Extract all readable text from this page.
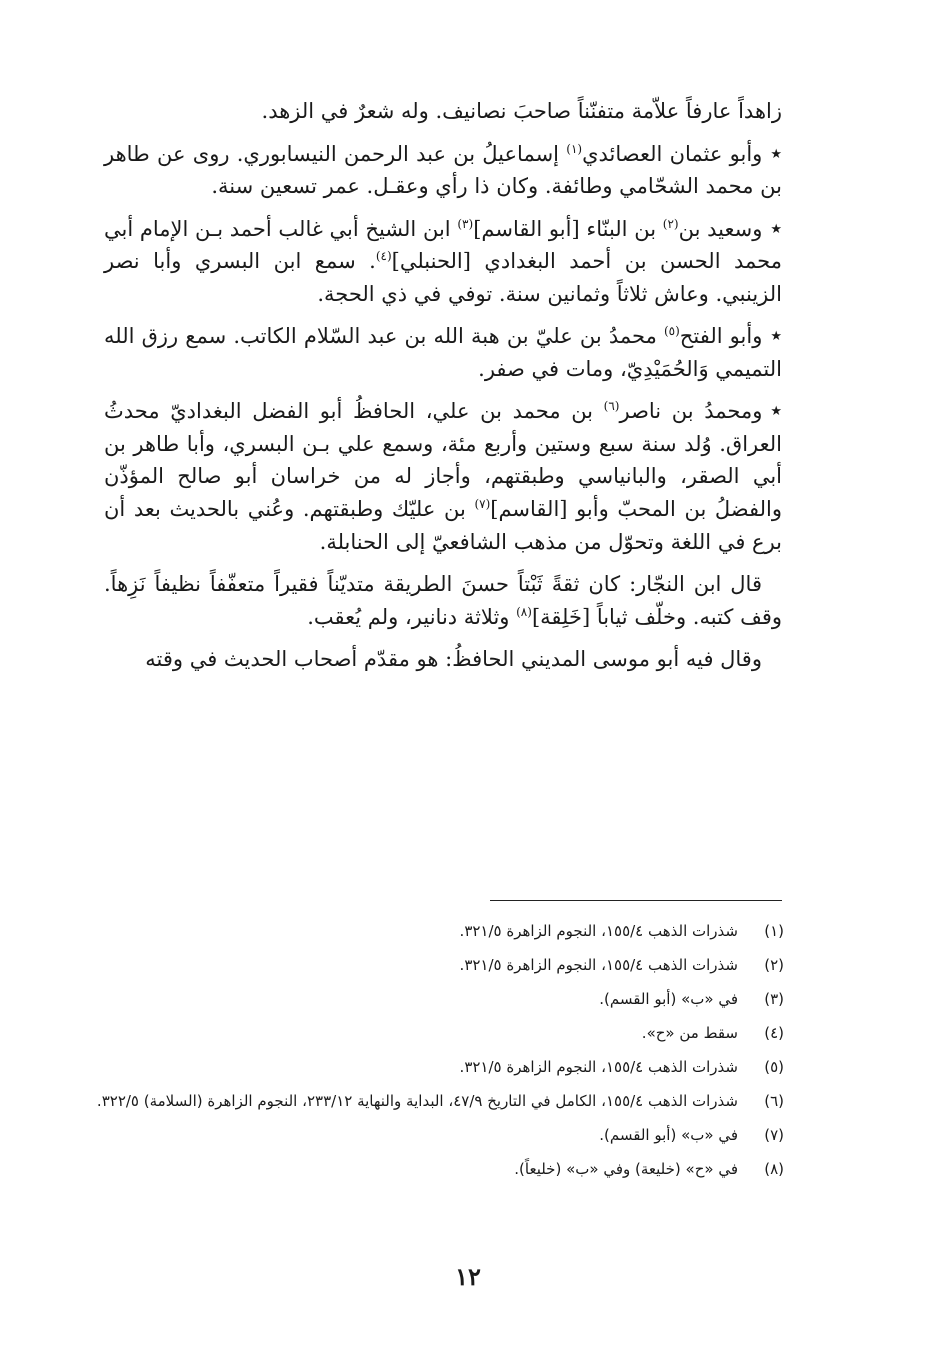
زاهداً عارفاً علاّمة متفنّناً صاحبَ نصانيف. وله شعرٌ في الزهد.

★وأبو عثمان العصائدي$^{(١)}$ إسماعيلُ بن عبد الرحمن النيسابوري. روى عن طاهر بن محمد الشحّامي وطائفة. وكان ذا رأي وعقـل. عمر تسعين سنة.

★وسعيد بن$^{(٢)}$ بن البنّاء [أبو القاسم]$^{(٣)}$ ابن الشيخ أبي غالب أحمد بـن الإمام أبي محمد الحسن بن أحمد البغدادي [الحنبلي]$^{(٤)}$. سمع ابن البسري وأبا نصر الزينبي. وعاش ثلاثاً وثمانين سنة. توفي في ذي الحجة.

★وأبو الفتح$^{(٥)}$ محمدُ بن عليّ بن هبة الله بن عبد السّلام الكاتب. سمع رزق الله التميمي وَالحُمَيْدِيّ، ومات في صفر.

★ومحمدُ بن ناصر$^{(٦)}$ بن محمد بن علي، الحافظُ أبو الفضل البغداديّ محدثُ العراق. وُلد سنة سبع وستين وأربع مئة، وسمع علي بـن البسري، وأبا طاهر بن أبي الصقر، والبانياسي وطبقتهم، وأجاز له من خراسان أبو صالح المؤذّن والفضلُ بن المحبّ وأبو [القاسم]$^{(٧)}$ بن عليّك وطبقتهم. وعُني بالحديث بعد أن برع في اللغة وتحوّل من مذهب الشافعيّ إلى الحنابلة.

قال ابن النجّار: كان ثقةً ثَبْتاً حسنَ الطريقة متديّناً فقيراً متعفّفاً نظيفاً نَزِهاً. وقف كتبه. وخلّف ثياباً [خَلِقة]$^{(٨)}$ وثلاثة دنانير، ولم يُعقب.

وقال فيه أبو موسى المديني الحافظُ: هو مقدّم أصحاب الحديث في وقته

(١)
شذرات الذهب ١٥٥/٤، النجوم الزاهرة ٣٢١/٥.
(٢)
شذرات الذهب ١٥٥/٤، النجوم الزاهرة ٣٢١/٥.
(٣)
في «ب» (أبو القسم).
(٤)
سقط من «ح».
(٥)
شذرات الذهب ١٥٥/٤، النجوم الزاهرة ٣٢١/٥.
(٦)
شذرات الذهب ١٥٥/٤، الكامل في التاريخ ٤٧/٩، البداية والنهاية ٢٣٣/١٢، النجوم الزاهرة (السلامة) ٣٢٢/٥.
(٧)
في «ب» (أبو القسم).
(٨)
في «ح» (خليعة) وفي «ب» (خليعاً).
١٢
